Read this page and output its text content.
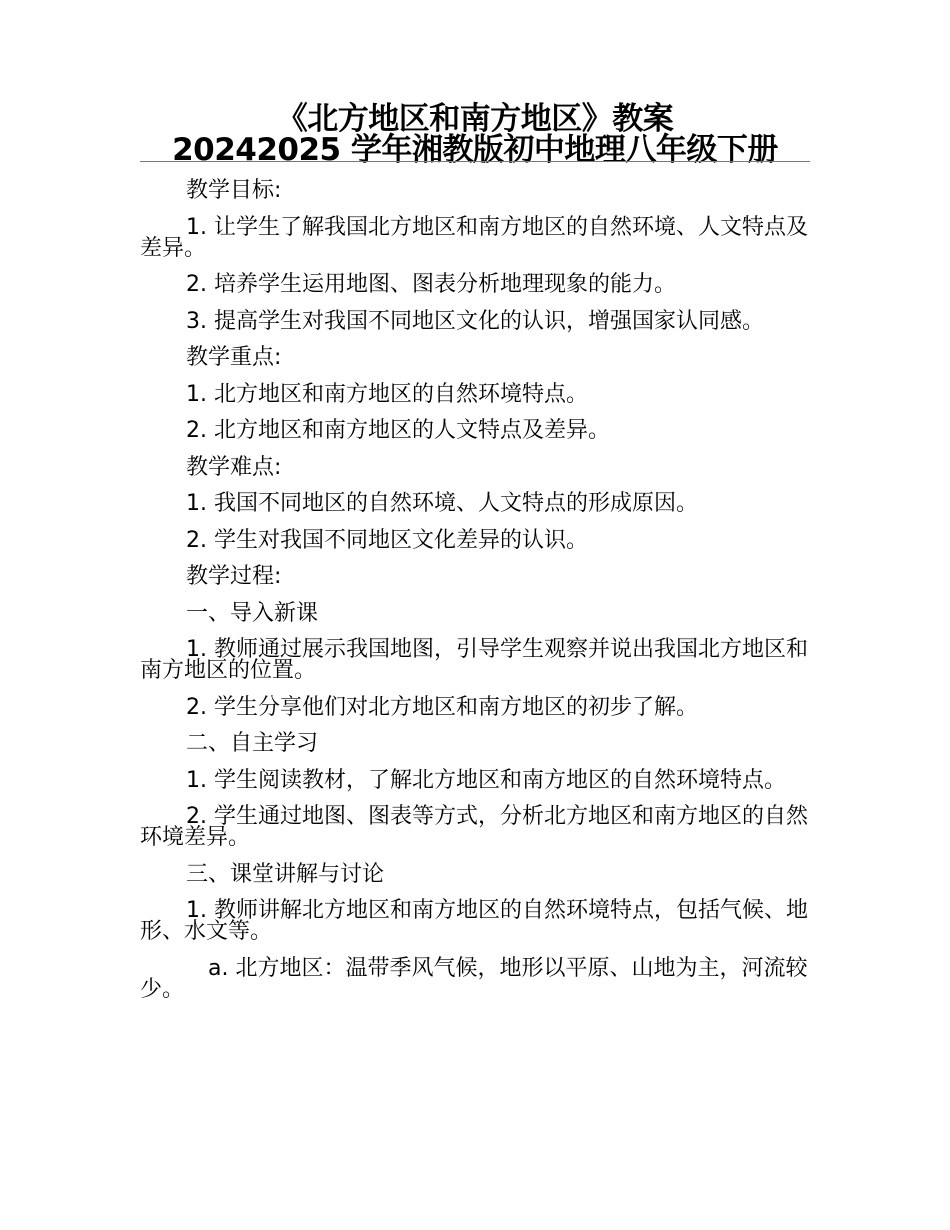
《北方地区和南方地区》教案
20242025 学年湘教版初中地理八年级下册

教学目标:

1. 让学生了解我国北方地区和南方地区的自然环境、人文特点及差异。

2. 培养学生运用地图、图表分析地理现象的能力。

3. 提高学生对我国不同地区文化的认识，增强国家认同感。

教学重点:

1. 北方地区和南方地区的自然环境特点。

2. 北方地区和南方地区的人文特点及差异。

教学难点:

1. 我国不同地区的自然环境、人文特点的形成原因。

2. 学生对我国不同地区文化差异的认识。

教学过程:

一、导入新课

1. 教师通过展示我国地图，引导学生观察并说出我国北方地区和南方地区的位置。

2. 学生分享他们对北方地区和南方地区的初步了解。

二、自主学习

1. 学生阅读教材，了解北方地区和南方地区的自然环境特点。

2. 学生通过地图、图表等方式，分析北方地区和南方地区的自然环境差异。

三、课堂讲解与讨论

1. 教师讲解北方地区和南方地区的自然环境特点，包括气候、地形、水文等。

a. 北方地区：温带季风气候，地形以平原、山地为主，河流较少。
